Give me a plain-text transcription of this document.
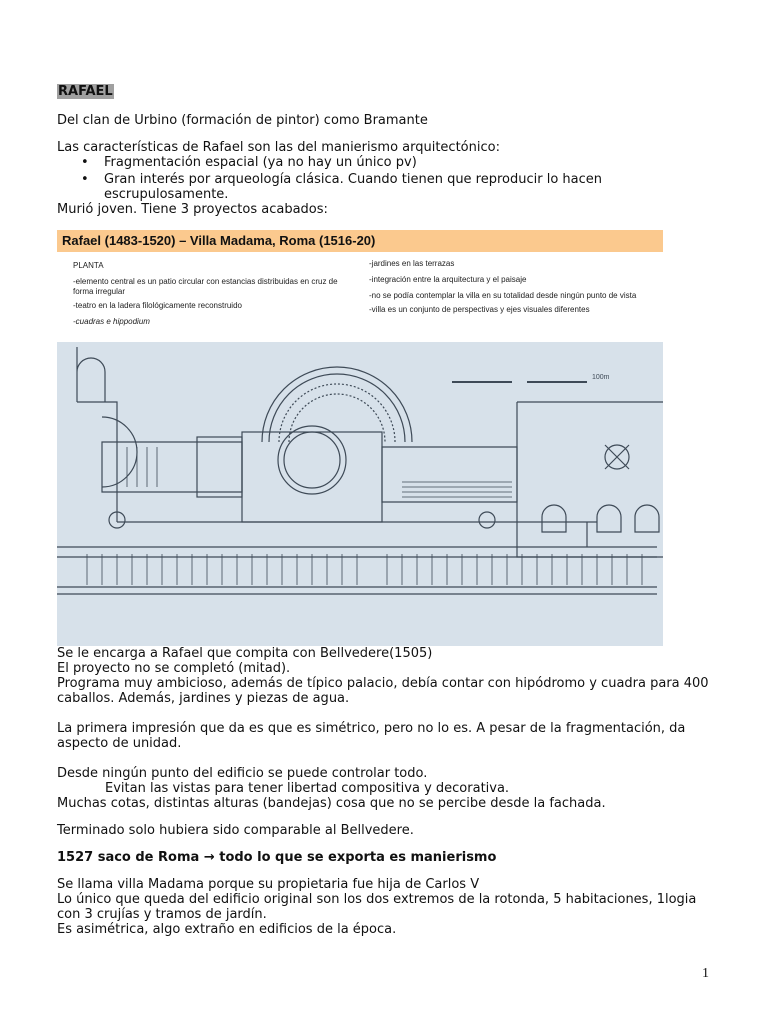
RAFAEL

Del clan de Urbino (formación de pintor) como Bramante

Las características de Rafael son las del manierismo arquitectónico:

• Fragmentación espacial (ya no hay un único pv)
• Gran interés por arqueología clásica. Cuando tienen que reproducir lo hacen escrupulosamente.

Murió joven. Tiene 3 proyectos acabados:

Rafael (1483-1520) – Villa Madama, Roma (1516-20)
PLANTA
-elemento central es un patio circular con estancias distribuidas en cruz de forma irregular
-teatro en la ladera filológicamente reconstruido
-cuadras e hippodium
-jardines en las terrazas
-integración entre la arquitectura y el paisaje
-no se podía contemplar la villa en su totalidad desde ningún punto de vista
-villa es un conjunto de perspectivas y ejes visuales diferentes
100m

Se le encarga a Rafael que compita con Bellvedere(1505)

El proyecto no se completó (mitad).

Programa muy ambicioso, además de típico palacio, debía contar con hipódromo y cuadra para 400 caballos. Además, jardines y piezas de agua.

La primera impresión que da es que es simétrico, pero no lo es. A pesar de la fragmentación, da aspecto de unidad.

Desde ningún punto del edificio se puede controlar todo.

Evitan las vistas para tener libertad compositiva y decorativa.

Muchas cotas, distintas alturas (bandejas) cosa que no se percibe desde la fachada.

Terminado solo hubiera sido comparable al Bellvedere.

1527 saco de Roma → todo lo que se exporta es manierismo

Se llama villa Madama porque su propietaria fue hija de Carlos V

Lo único que queda del edificio original son los dos extremos de la rotonda, 5 habitaciones, 1logia con 3 crujías y tramos de jardín.

Es asimétrica, algo extraño en edificios de la época.

1
